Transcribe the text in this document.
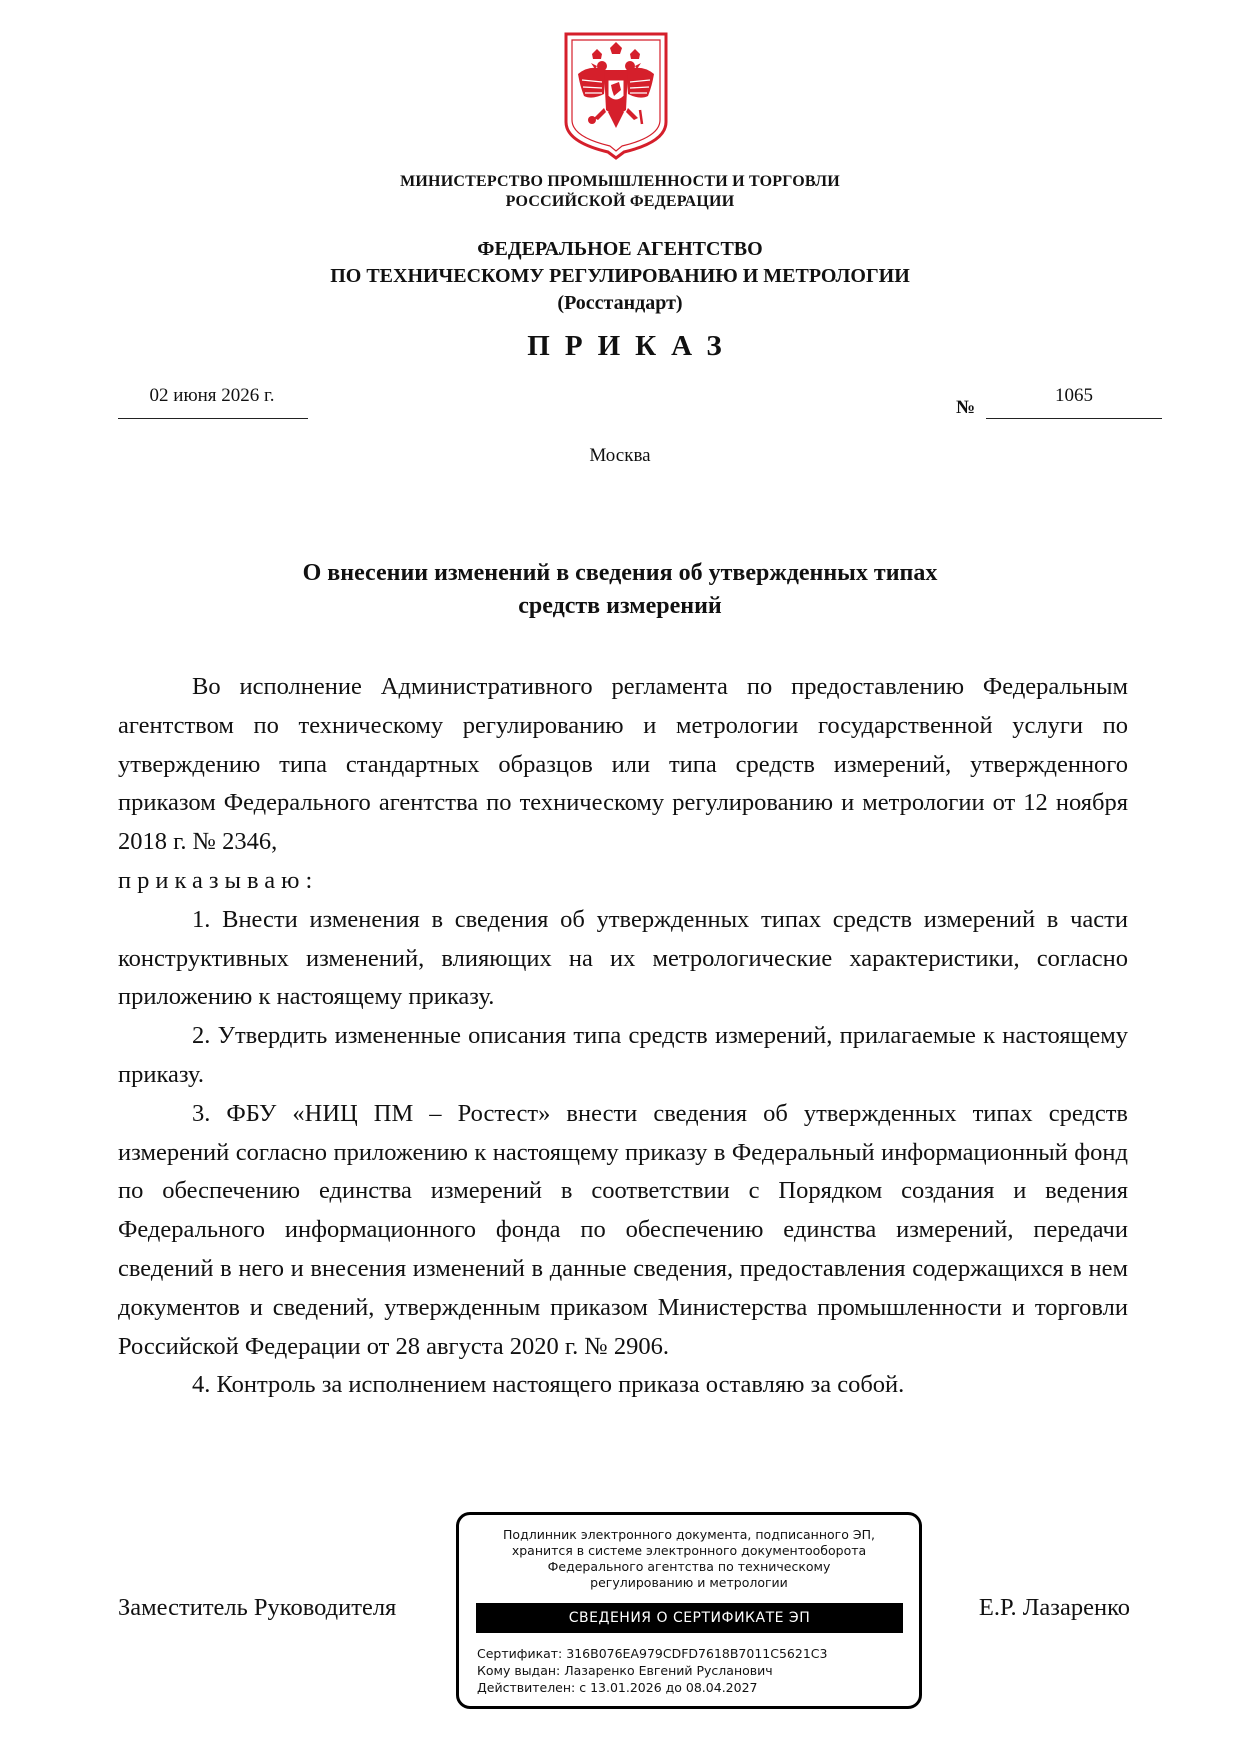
МИНИСТЕРСТВО ПРОМЫШЛЕННОСТИ И ТОРГОВЛИ
РОССИЙСКОЙ ФЕДЕРАЦИИ
ФЕДЕРАЛЬНОЕ АГЕНТСТВО
ПО ТЕХНИЧЕСКОМУ РЕГУЛИРОВАНИЮ И МЕТРОЛОГИИ
(Росстандарт)
ПРИКАЗ
02 июня 2026 г.
№
1065
Москва
О внесении изменений в сведения об утвержденных типах
средств измерений

Во исполнение Административного регламента по предоставлению Федеральным агентством по техническому регулированию и метрологии государственной услуги по утверждению типа стандартных образцов или типа средств измерений, утвержденного приказом Федерального агентства по техническому регулированию и метрологии от 12 ноября 2018 г. № 2346,
приказываю:

1. Внести изменения в сведения об утвержденных типах средств измерений в части конструктивных изменений, влияющих на их метрологические характеристики, согласно приложению к настоящему приказу.

2. Утвердить измененные описания типа средств измерений, прилагаемые к настоящему приказу.

3. ФБУ «НИЦ ПМ – Ростест» внести сведения об утвержденных типах средств измерений согласно приложению к настоящему приказу в Федеральный информационный фонд по обеспечению единства измерений в соответствии с Порядком создания и ведения Федерального информационного фонда по обеспечению единства измерений, передачи сведений в него и внесения изменений в данные сведения, предоставления содержащихся в нем документов и сведений, утвержденным приказом Министерства промышленности и торговли Российской Федерации от 28 августа 2020 г. № 2906.

4. Контроль за исполнением настоящего приказа оставляю за собой.

Заместитель Руководителя	Е.Р. Лазаренко
Подлинник электронного документа, подписанного ЭП,
хранится в системе электронного документооборота
Федерального агентства по техническому
регулированию и метрологии
СВЕДЕНИЯ О СЕРТИФИКАТЕ ЭП
Сертификат: 316B076EA979CDFD7618B7011C5621C3
Кому выдан: Лазаренко Евгений Русланович
Действителен: с 13.01.2026 до 08.04.2027
